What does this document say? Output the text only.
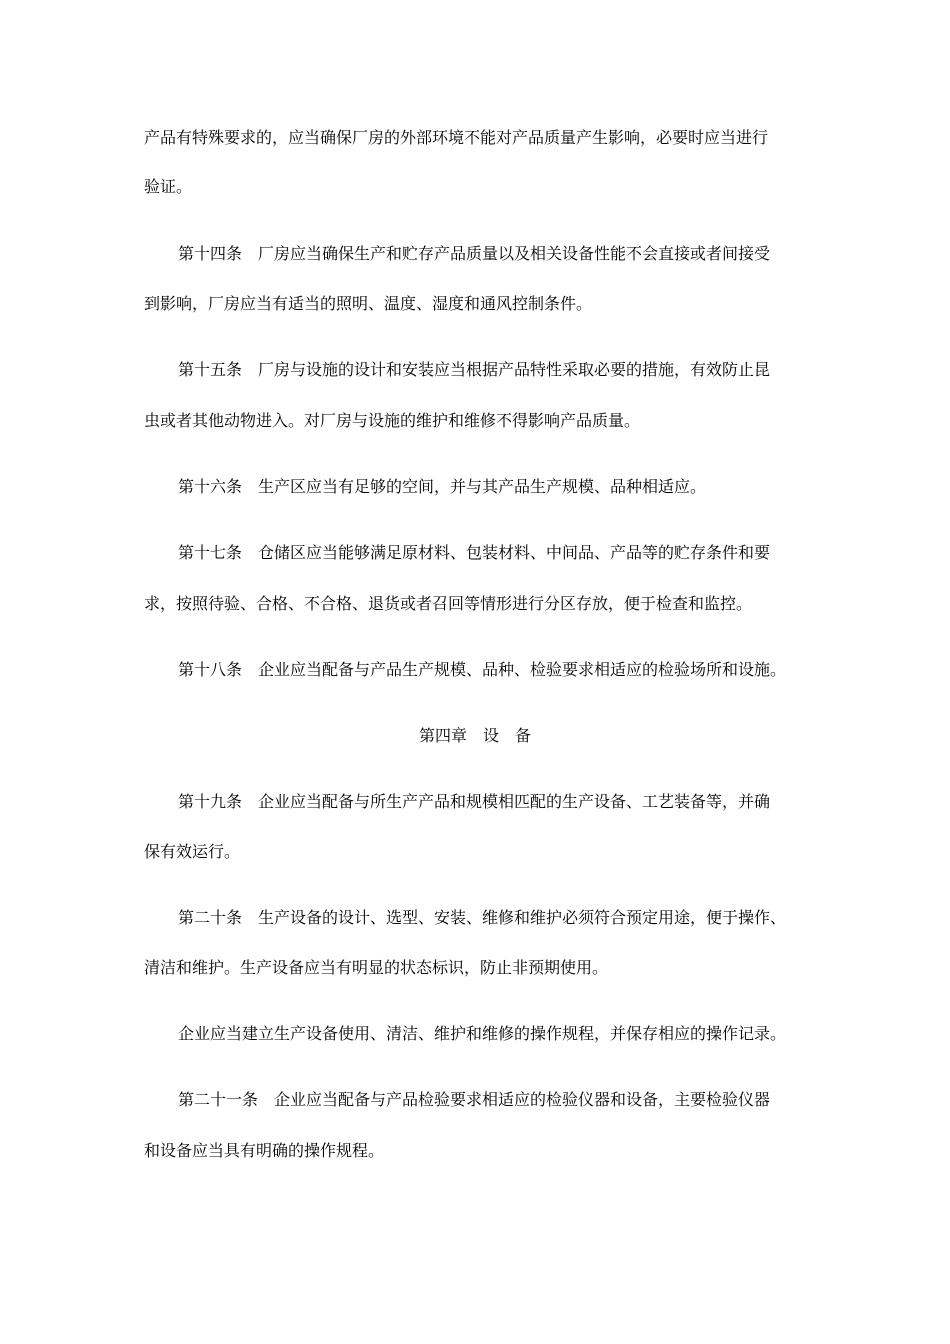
产品有特殊要求的，应当确保厂房的外部环境不能对产品质量产生影响，必要时应当进行
验证。
第十四条 厂房应当确保生产和贮存产品质量以及相关设备性能不会直接或者间接受
到影响，厂房应当有适当的照明、温度、湿度和通风控制条件。
第十五条 厂房与设施的设计和安装应当根据产品特性采取必要的措施，有效防止昆
虫或者其他动物进入。对厂房与设施的维护和维修不得影响产品质量。
第十六条 生产区应当有足够的空间，并与其产品生产规模、品种相适应。
第十七条 仓储区应当能够满足原材料、包装材料、中间品、产品等的贮存条件和要
求，按照待验、合格、不合格、退货或者召回等情形进行分区存放，便于检查和监控。
第十八条 企业应当配备与产品生产规模、品种、检验要求相适应的检验场所和设施。
第四章　设　备
第十九条 企业应当配备与所生产产品和规模相匹配的生产设备、工艺装备等，并确
保有效运行。
第二十条 生产设备的设计、选型、安装、维修和维护必须符合预定用途，便于操作、
清洁和维护。生产设备应当有明显的状态标识，防止非预期使用。
企业应当建立生产设备使用、清洁、维护和维修的操作规程，并保存相应的操作记录。
第二十一条 企业应当配备与产品检验要求相适应的检验仪器和设备，主要检验仪器
和设备应当具有明确的操作规程。
